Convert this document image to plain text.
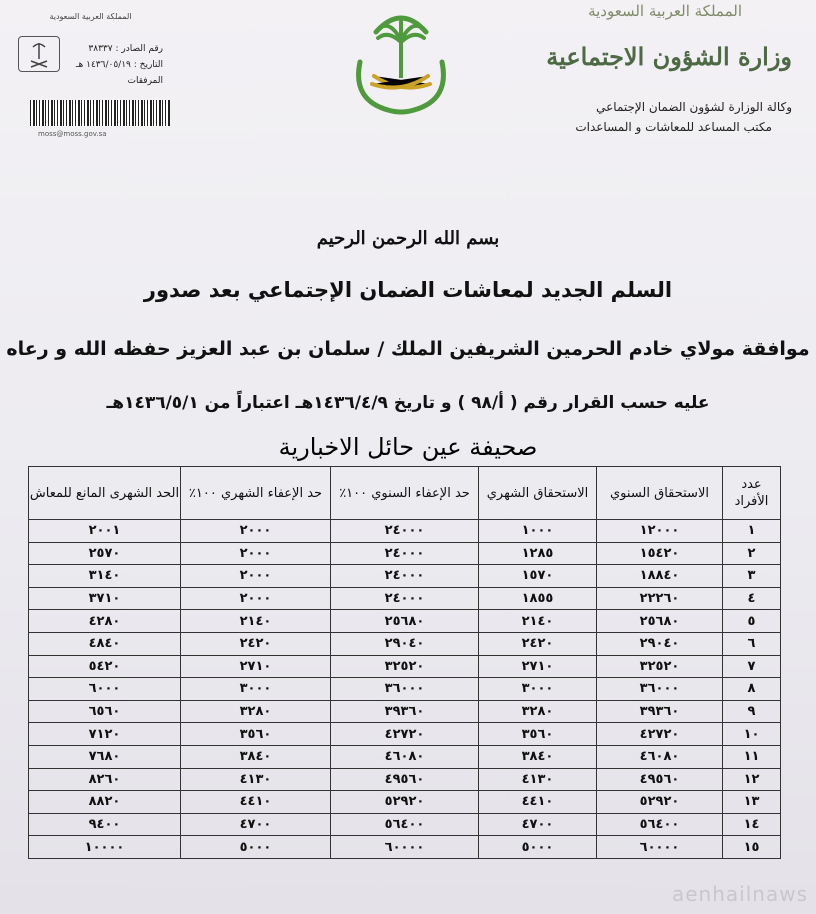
المملكة العربية السعودية
رقم الصادر : ٣٨٣٣٧
التاريخ : ١٤٣٦/٠٥/١٩ هـ
المرفقات
moss@moss.gov.sa
المملكة العربية السعودية
وزارة الشؤون الاجتماعية
وكالة الوزارة لشؤون الضمان الإجتماعي
مكتب المساعد للمعاشات و المساعدات
بسم الله الرحمن الرحيم
السلم الجديد لمعاشات الضمان الإجتماعي بعد صدور
موافقة مولاي خادم الحرمين الشريفين الملك / سلمان بن عبد العزيز حفظه الله و رعاه
عليه حسب القرار رقم ( أ/٩٨ ) و تاريخ ١٤٣٦/٤/٩هـ اعتباراً من ١٤٣٦/٥/١هـ
صحيفة عين حائل الاخبارية
عدد الأفراد	الاستحقاق السنوي	الاستحقاق الشهري	حد الإعفاء السنوي ١٠٠٪	حد الإعفاء الشهري ١٠٠٪	الحد الشهرى المانع للمعاش
١	١٢٠٠٠	١٠٠٠	٢٤٠٠٠	٢٠٠٠	٢٠٠١
٢	١٥٤٢٠	١٢٨٥	٢٤٠٠٠	٢٠٠٠	٢٥٧٠
٣	١٨٨٤٠	١٥٧٠	٢٤٠٠٠	٢٠٠٠	٣١٤٠
٤	٢٢٢٦٠	١٨٥٥	٢٤٠٠٠	٢٠٠٠	٣٧١٠
٥	٢٥٦٨٠	٢١٤٠	٢٥٦٨٠	٢١٤٠	٤٢٨٠
٦	٢٩٠٤٠	٢٤٢٠	٢٩٠٤٠	٢٤٢٠	٤٨٤٠
٧	٣٢٥٢٠	٢٧١٠	٣٢٥٢٠	٢٧١٠	٥٤٢٠
٨	٣٦٠٠٠	٣٠٠٠	٣٦٠٠٠	٣٠٠٠	٦٠٠٠
٩	٣٩٣٦٠	٣٢٨٠	٣٩٣٦٠	٣٢٨٠	٦٥٦٠
١٠	٤٢٧٢٠	٣٥٦٠	٤٢٧٢٠	٣٥٦٠	٧١٢٠
١١	٤٦٠٨٠	٣٨٤٠	٤٦٠٨٠	٣٨٤٠	٧٦٨٠
١٢	٤٩٥٦٠	٤١٣٠	٤٩٥٦٠	٤١٣٠	٨٢٦٠
١٣	٥٢٩٢٠	٤٤١٠	٥٢٩٢٠	٤٤١٠	٨٨٢٠
١٤	٥٦٤٠٠	٤٧٠٠	٥٦٤٠٠	٤٧٠٠	٩٤٠٠
١٥	٦٠٠٠٠	٥٠٠٠	٦٠٠٠٠	٥٠٠٠	١٠٠٠٠
aenhailnaws
